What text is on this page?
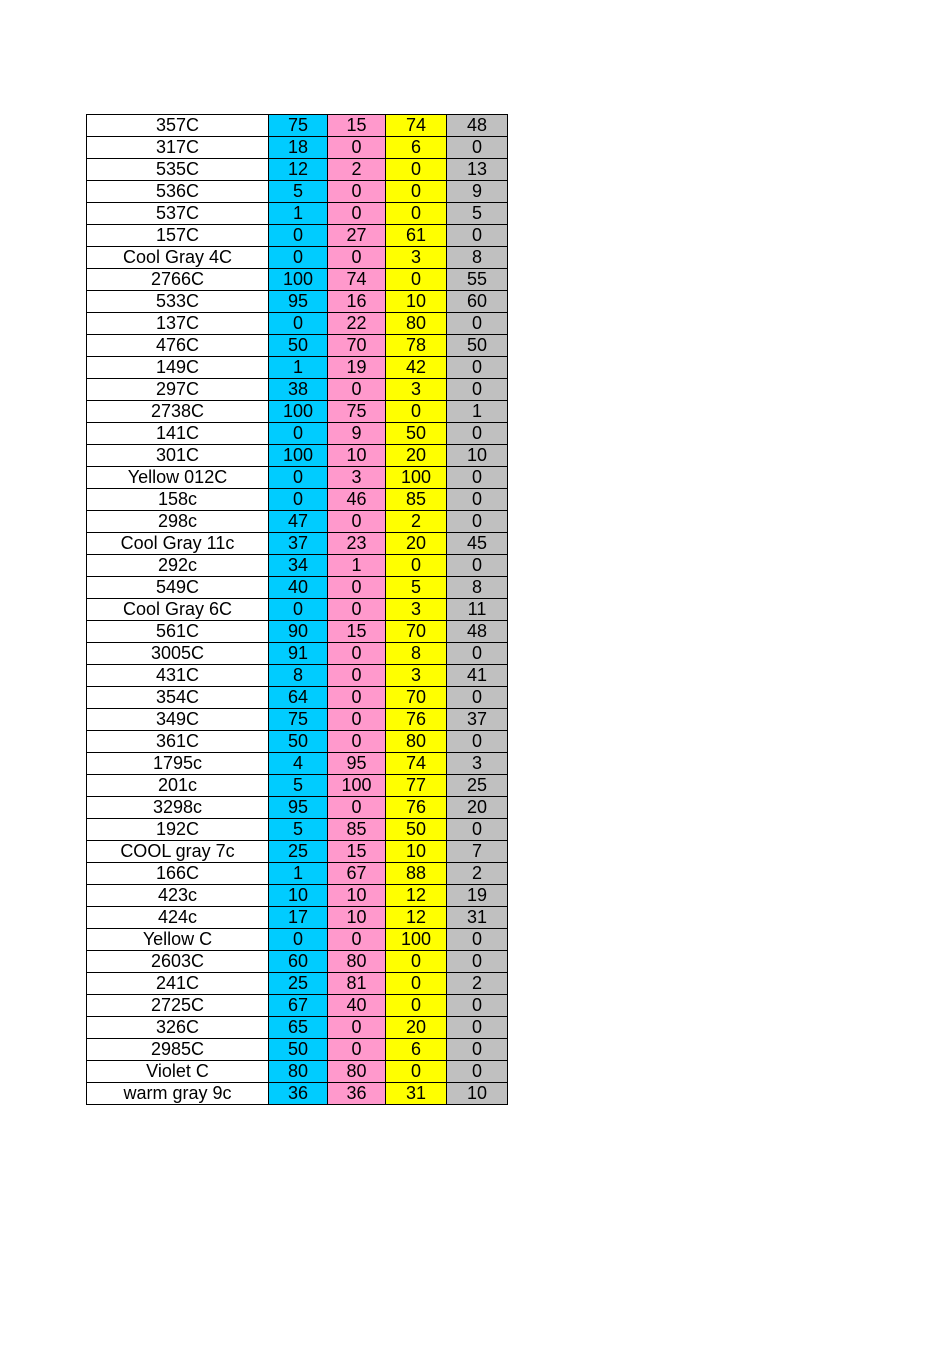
357C	75	15	74	48
317C	18	0	6	0
535C	12	2	0	13
536C	5	0	0	9
537C	1	0	0	5
157C	0	27	61	0
Cool Gray 4C	0	0	3	8
2766C	100	74	0	55
533C	95	16	10	60
137C	0	22	80	0
476C	50	70	78	50
149C	1	19	42	0
297C	38	0	3	0
2738C	100	75	0	1
141C	0	9	50	0
301C	100	10	20	10
Yellow 012C	0	3	100	0
158c	0	46	85	0
298c	47	0	2	0
Cool Gray 11c	37	23	20	45
292c	34	1	0	0
549C	40	0	5	8
Cool Gray 6C	0	0	3	11
561C	90	15	70	48
3005C	91	0	8	0
431C	8	0	3	41
354C	64	0	70	0
349C	75	0	76	37
361C	50	0	80	0
1795c	4	95	74	3
201c	5	100	77	25
3298c	95	0	76	20
192C	5	85	50	0
COOL gray 7c	25	15	10	7
166C	1	67	88	2
423c	10	10	12	19
424c	17	10	12	31
Yellow C	0	0	100	0
2603C	60	80	0	0
241C	25	81	0	2
2725C	67	40	0	0
326C	65	0	20	0
2985C	50	0	6	0
Violet C	80	80	0	0
warm gray 9c	36	36	31	10
